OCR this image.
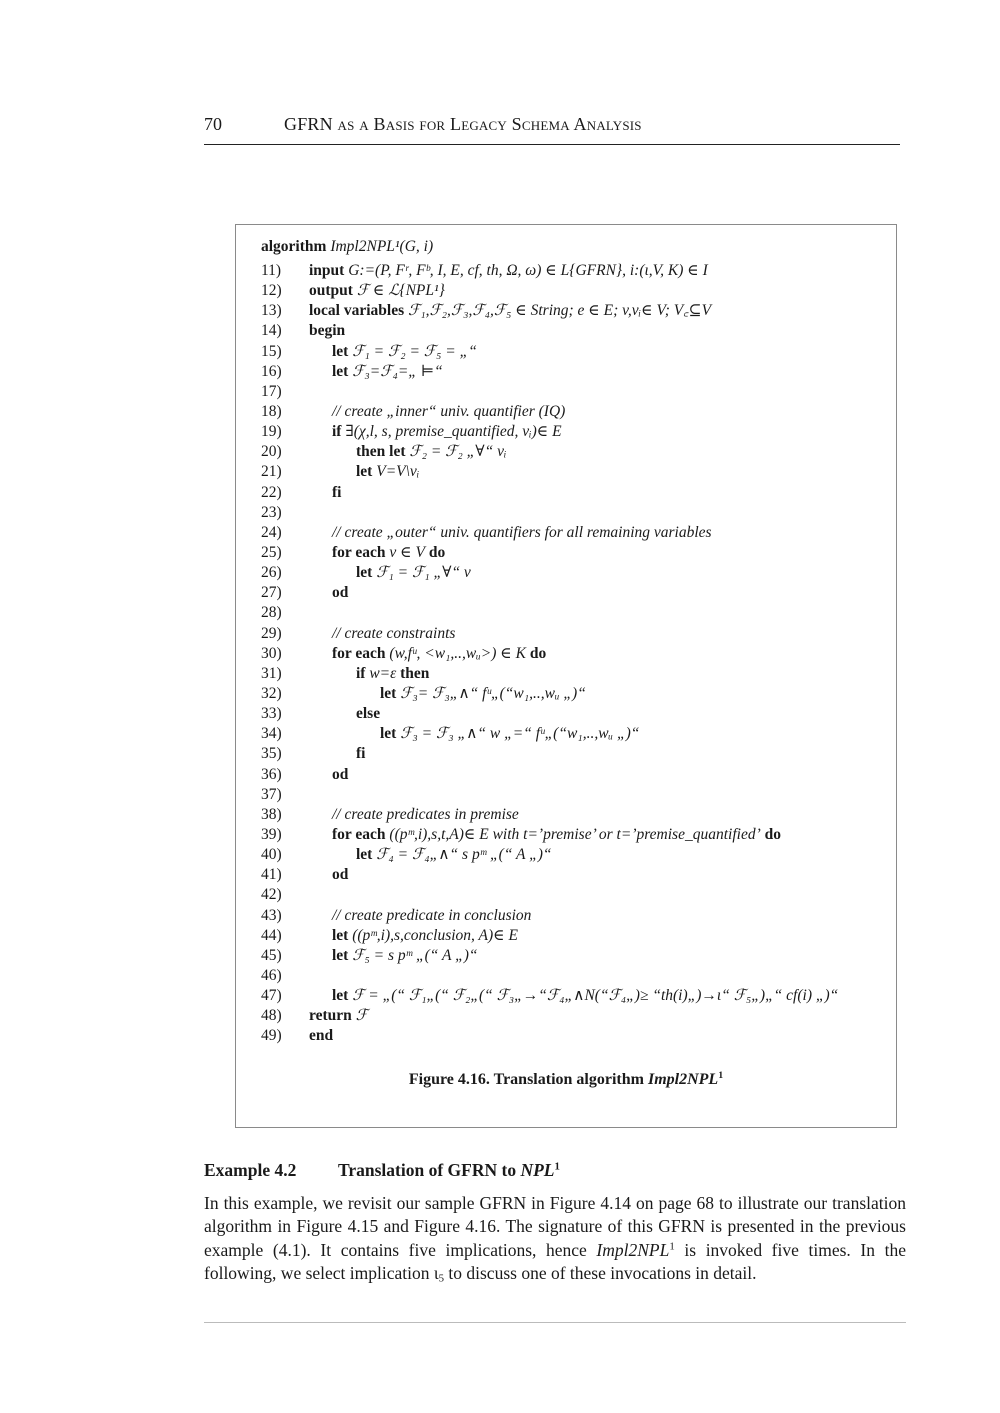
70	GFRN as a Basis for Legacy Schema Analysis
algorithm Impl2NPL¹(G, i)
11) input G:=(P, Fʳ, Fᵇ, I, E, cf, th, Ω, ω) ∈ L{GFRN}, i:(ι,V, K) ∈ I
12) output ℱ ∈ ℒ{NPL¹}
13) local variables ℱ₁,ℱ₂,ℱ₃,ℱ₄,ℱ₅ ∈ String; e ∈ E; v,vᵢ∈ V; V꜀⊆V
14) begin
15)	let ℱ₁ = ℱ₂ = ℱ₅ = „“
16)	let ℱ₃=ℱ₄=„ ⊨“
17)
18)	// create „inner“ univ. quantifier (IQ)
19)	if ∃(χ,l, s, premise_quantified, vᵢ)∈ E
20)	then let ℱ₂ = ℱ₂ „∀“ vᵢ
21)	let V=V\vᵢ
22)	fi
23)
24)	// create „outer“ univ. quantifiers for all remaining variables
25)	for each v ∈ V do
26)	let ℱ₁ = ℱ₁ „∀“ v
27)	od
28)
29)	// create constraints
30)	for each (w,fᵘ, <w₁,..,wᵤ>) ∈ K do
31)	if w=ε then
32)	let ℱ₃= ℱ₃„∧“ fᵘ„(“w₁,..,wᵤ „)“
33)	else
34)	let ℱ₃ = ℱ₃ „∧“ w „=“ fᵘ„(“w₁,..,wᵤ „)“
35)	fi
36)	od
37)
38)	// create predicates in premise
39)	for each ((pᵐ,i),s,t,A)∈ E with t=’premise’ or t=’premise_quantified’ do
40)	let ℱ₄ = ℱ₄„∧“ s pᵐ „(“ A „)“
41)	od
42)
43)	// create predicate in conclusion
44)	let ((pᵐ,i),s,conclusion, A)∈ E
45)	let ℱ₅ = s pᵐ „(“ A „)“
46)
47)	let ℱ = „(“ ℱ₁„(“ ℱ₂„(“ ℱ₃„→“ℱ₄„∧N(“ℱ₄„)≥ “th(i)„)→ι“ ℱ₅„)„“ cf(i) „)“
48) return ℱ
49) end
Figure 4.16. Translation algorithm Impl2NPL$^1$
Example 4.2 Translation of GFRN to NPL$^1$
In this example, we revisit our sample GFRN in Figure 4.14 on page 68 to illustrate our translation algorithm in Figure 4.15 and Figure 4.16. The signature of this GFRN is presented in the previous example (4.1). It contains five implications, hence Impl2NPL$^1$ is invoked five times. In the following, we select implication $\iota_5$ to discuss one of these invocations in detail.
